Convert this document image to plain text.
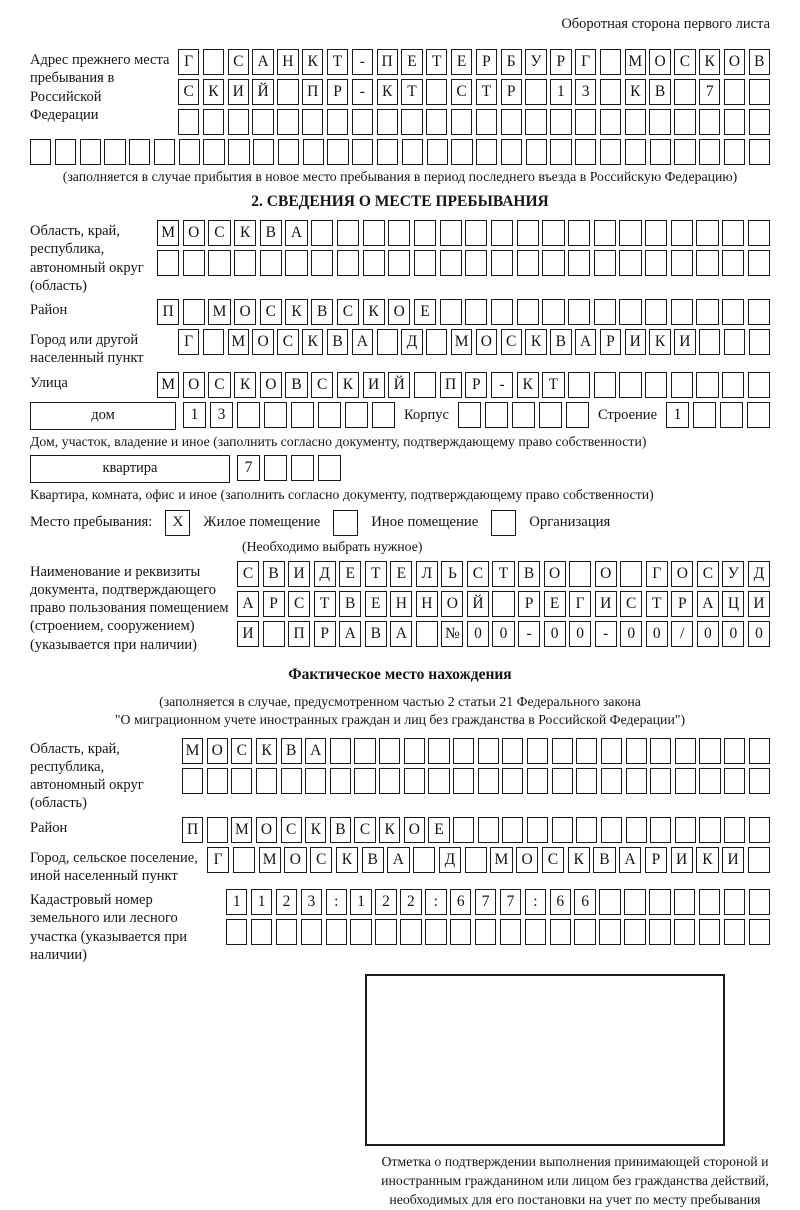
Оборотная сторона первого листа
Адрес прежнего места пребывания в Российской Федерации
Г	С А Н К Т	-	П Е Т Е	Р	Б У Р	Г	М О С К О В
С К И Й	П Р	-	К Т	С Т	Р	1	3	К В	7
(заполняется в случае прибытия в новое место пребывания в период последнего въезда в Российскую Федерацию)
2. СВЕДЕНИЯ О МЕСТЕ ПРЕБЫВАНИЯ
Область, край, республика, автономный округ (область)
М О С К В А
Район	П	М О С К В С К О Е
Город или другой населенный пункт
Г	М О С К В А	Д	М О С К В А Р И К И
Улица	М О С К О В С К И Й	П	Р	-	К	Т
дом	1	3	Корпус	Строение	1
Дом, участок, владение и иное (заполнить согласно документу, подтверждающему право собственности)
квартира	7
Квартира, комната, офис и иное (заполнить согласно документу, подтверждающему право собственности)
Место пребывания:	X	Жилое помещение	Иное помещение	Организация
(Необходимо выбрать нужное)
Наименование и реквизиты документа, подтверждающего право пользования помещением (строением, сооружением) (указывается при наличии)
С В И Д	Е	Т	Е	Л	Ь	С	Т	В О	О	Г О С У Д
А	Р	С	Т	В	Е Н Н О Й	Р	Е	Г И С	Т	Р	А Ц И
И	П	Р	А В А	№ 0	0	-	0	0	-	0	0	/	0	0	0
Фактическое место нахождения
(заполняется в случае, предусмотренном частью 2 статьи 21 Федерального закона
"О миграционном учете иностранных граждан и лиц без гражданства в Российской Федерации")
Область, край, республика, автономный округ (область)
М О С К В А
Район	П	М О С К В С К О Е
Город, сельское поселение, иной населенный пункт
Г	М О С К В А	Д	М О С К В А	Р	И К И
Кадастровый номер земельного или лесного участка (указывается при наличии)
1	1	2	3	:	1	2	2	:	6	7	7	:	6	6
Отметка о подтверждении выполнения принимающей стороной и иностранным гражданином или лицом без гражданства действий, необходимых для его постановки на учет по месту пребывания
